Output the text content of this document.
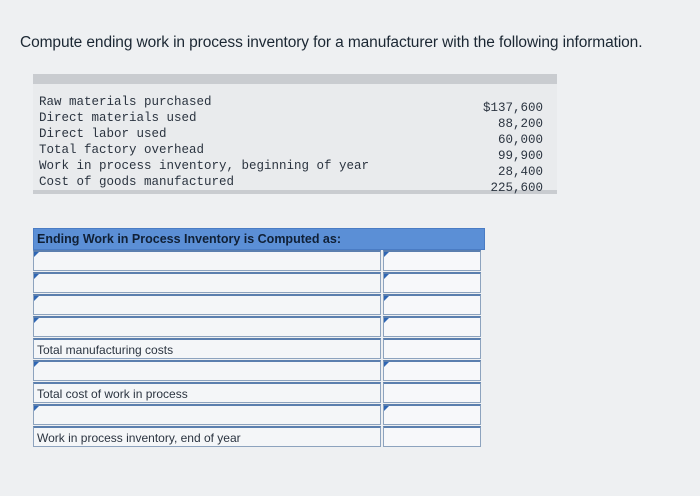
Compute ending work in process inventory for a manufacturer with the following information.
Raw materials purchased
Direct materials used
Direct labor used
Total factory overhead
Work in process inventory, beginning of year
Cost of goods manufactured
$137,600
88,200
60,000
99,900
28,400
225,600
Ending Work in Process Inventory is Computed as:
Total manufacturing costs
Total cost of work in process
Work in process inventory, end of year
